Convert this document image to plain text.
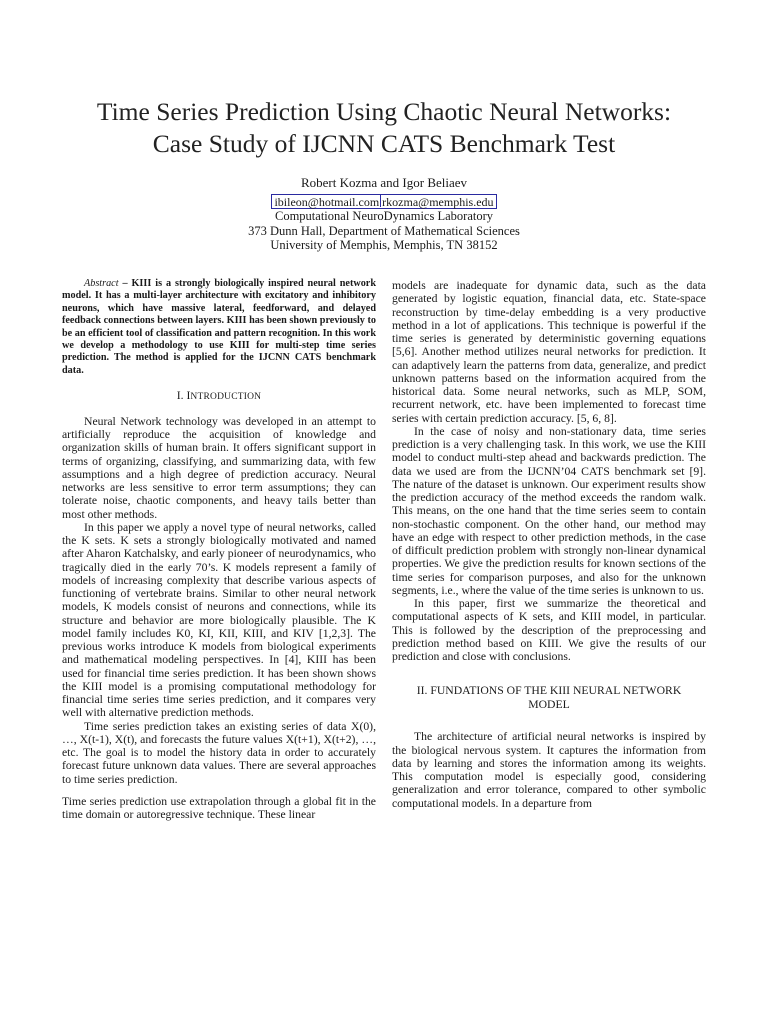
Time Series Prediction Using Chaotic Neural Networks:
Case Study of IJCNN CATS Benchmark Test
Robert Kozma and Igor Beliaev
ibileon@hotmail.com rkozma@memphis.edu
Computational NeuroDynamics Laboratory
373 Dunn Hall, Department of Mathematical Sciences
University of Memphis, Memphis, TN 38152

Abstract – KIII is a strongly biologically inspired neural network model. It has a multi-layer architecture with excitatory and inhibitory neurons, which have massive lateral, feedforward, and delayed feedback connections between layers. KIII has been shown previously to be an efficient tool of classification and pattern recognition. In this work we develop a methodology to use KIII for multi-step time series prediction. The method is applied for the IJCNN CATS benchmark data.

I. INTRODUCTION

Neural Network technology was developed in an attempt to artificially reproduce the acquisition of knowledge and organization skills of human brain. It offers significant support in terms of organizing, classifying, and summarizing data, with few assumptions and a high degree of prediction accuracy. Neural networks are less sensitive to error term assumptions; they can tolerate noise, chaotic components, and heavy tails better than most other methods.

In this paper we apply a novel type of neural networks, called the K sets. K sets a strongly biologically motivated and named after Aharon Katchalsky, and early pioneer of neurodynamics, who tragically died in the early 70’s. K models represent a family of models of increasing complexity that describe various aspects of functioning of vertebrate brains. Similar to other neural network models, K models consist of neurons and connections, while its structure and behavior are more biologically plausible. The K model family includes K0, KI, KII, KIII, and KIV [1,2,3]. The previous works introduce K models from biological experiments and mathematical modeling perspectives. In [4], KIII has been used for financial time series prediction. It has been shown shows the KIII model is a promising computational methodology for financial time series time series prediction, and it compares very well with alternative prediction methods.

Time series prediction takes an existing series of data X(0), …, X(t-1), X(t), and forecasts the future values X(t+1), X(t+2), …, etc. The goal is to model the history data in order to accurately forecast future unknown data values. There are several approaches to time series prediction.

Time series prediction use extrapolation through a global fit in the time domain or autoregressive technique. These linear

models are inadequate for dynamic data, such as the data generated by logistic equation, financial data, etc. State-space reconstruction by time-delay embedding is a very productive method in a lot of applications. This technique is powerful if the time series is generated by deterministic governing equations [5,6]. Another method utilizes neural networks for prediction. It can adaptively learn the patterns from data, generalize, and predict unknown patterns based on the information acquired from the historical data. Some neural networks, such as MLP, SOM, recurrent network, etc. have been implemented to forecast time series with certain prediction accuracy. [5, 6, 8].

In the case of noisy and non-stationary data, time series prediction is a very challenging task. In this work, we use the KIII model to conduct multi-step ahead and backwards prediction. The data we used are from the IJCNN’04 CATS benchmark set [9]. The nature of the dataset is unknown. Our experiment results show the prediction accuracy of the method exceeds the random walk. This means, on the one hand that the time series seem to contain non-stochastic component. On the other hand, our method may have an edge with respect to other prediction methods, in the case of difficult prediction problem with strongly non-linear dynamical properties. We give the prediction results for known sections of the time series for comparison purposes, and also for the unknown segments, i.e., where the value of the time series is unknown to us.

In this paper, first we summarize the theoretical and computational aspects of K sets, and KIII model, in particular. This is followed by the description of the preprocessing and prediction method based on KIII. We give the results of our prediction and close with conclusions.

II. FUNDATIONS OF THE KIII NEURAL NETWORK
MODEL

The architecture of artificial neural networks is inspired by the biological nervous system. It captures the information from data by learning and stores the information among its weights. This computation model is especially good, considering generalization and error tolerance, compared to other symbolic computational models. In a departure from
